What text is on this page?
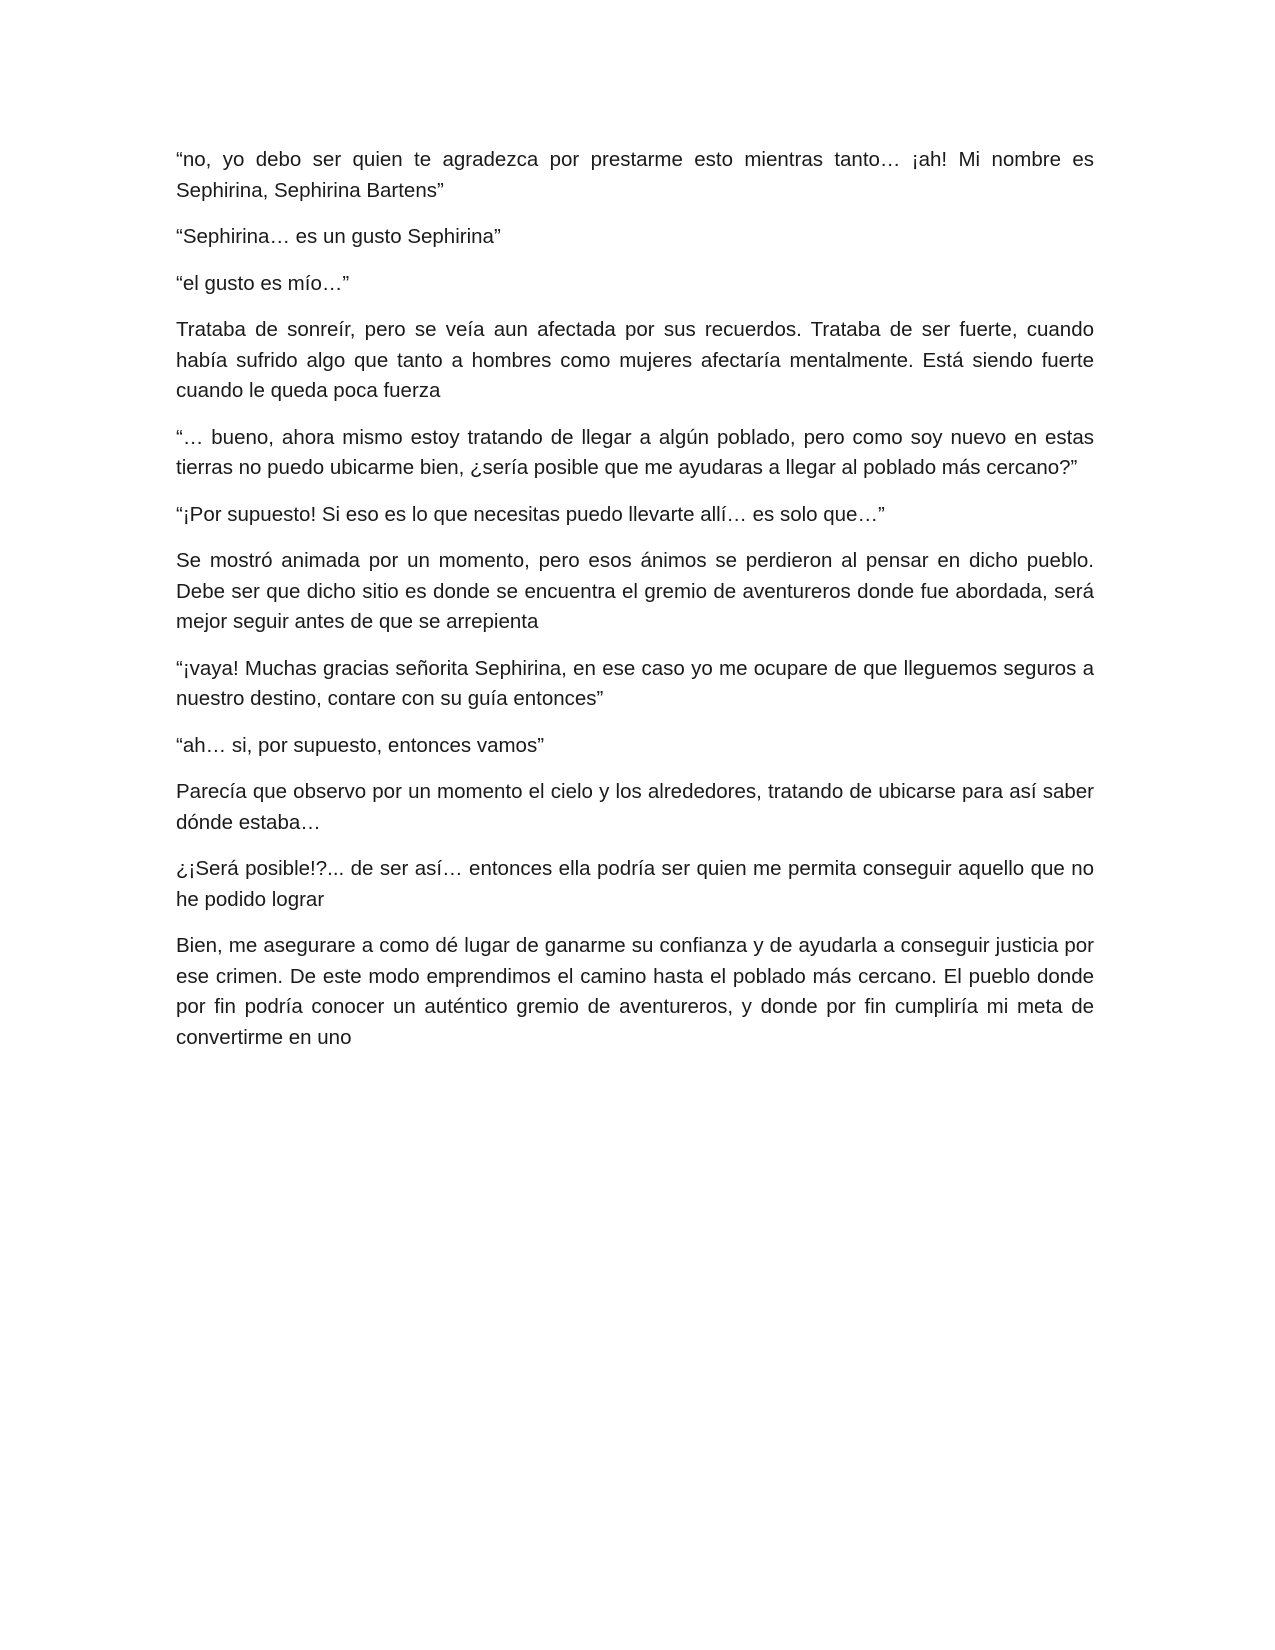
“no, yo debo ser quien te agradezca por prestarme esto mientras tanto… ¡ah! Mi nombre es Sephirina, Sephirina Bartens”

“Sephirina… es un gusto Sephirina”

“el gusto es mío…”

Trataba de sonreír, pero se veía aun afectada por sus recuerdos. Trataba de ser fuerte, cuando había sufrido algo que tanto a hombres como mujeres afectaría mentalmente. Está siendo fuerte cuando le queda poca fuerza

“… bueno, ahora mismo estoy tratando de llegar a algún poblado, pero como soy nuevo en estas tierras no puedo ubicarme bien, ¿sería posible que me ayudaras a llegar al poblado más cercano?”

“¡Por supuesto! Si eso es lo que necesitas puedo llevarte allí… es solo que…”

Se mostró animada por un momento, pero esos ánimos se perdieron al pensar en dicho pueblo. Debe ser que dicho sitio es donde se encuentra el gremio de aventureros donde fue abordada, será mejor seguir antes de que se arrepienta

“¡vaya! Muchas gracias señorita Sephirina, en ese caso yo me ocupare de que lleguemos seguros a nuestro destino, contare con su guía entonces”

“ah… si, por supuesto, entonces vamos”

Parecía que observo por un momento el cielo y los alrededores, tratando de ubicarse para así saber dónde estaba…

¿¡Será posible!?... de ser así… entonces ella podría ser quien me permita conseguir aquello que no he podido lograr

Bien, me asegurare a como dé lugar de ganarme su confianza y de ayudarla a conseguir justicia por ese crimen. De este modo emprendimos el camino hasta el poblado más cercano. El pueblo donde por fin podría conocer un auténtico gremio de aventureros, y donde por fin cumpliría mi meta de convertirme en uno
